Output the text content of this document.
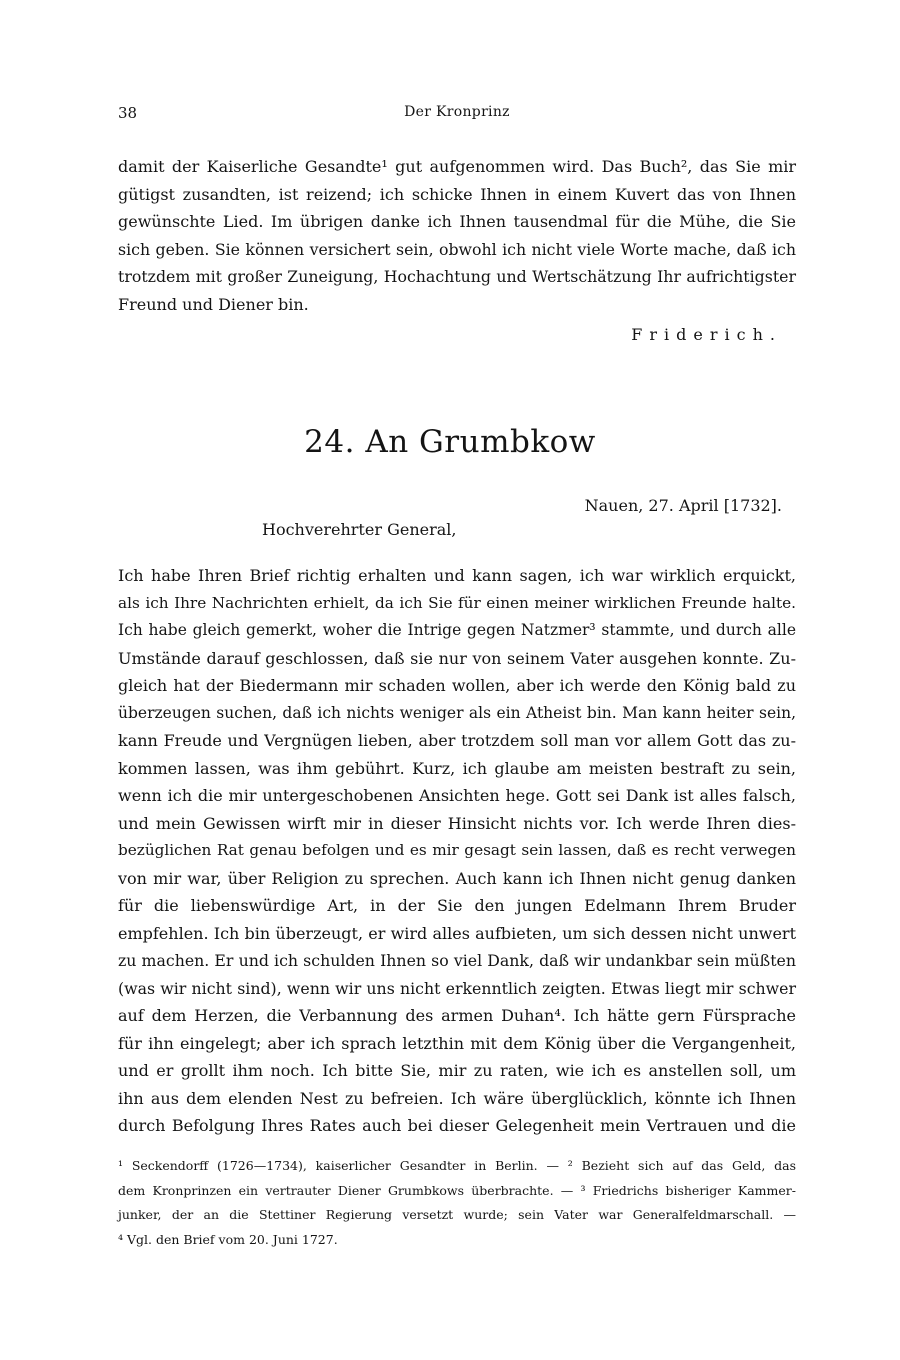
38	Der Kronprinz
damit der Kaiserliche Gesandte¹ gut aufgenommen wird. Das Buch², das Sie mir
gütigst zusandten, ist reizend; ich schicke Ihnen in einem Kuvert das von Ihnen
gewünschte Lied. Im übrigen danke ich Ihnen tausendmal für die Mühe, die Sie
sich geben. Sie können versichert sein, obwohl ich nicht viele Worte mache, daß ich
trotzdem mit großer Zuneigung, Hochachtung und Wertschätzung Ihr aufrichtigster
Freund und Diener bin.
Friderich.
24. An Grumbkow
Nauen, 27. April [1732].
Hochverehrter General,
Ich habe Ihren Brief richtig erhalten und kann sagen, ich war wirklich erquickt,
als ich Ihre Nachrichten erhielt, da ich Sie für einen meiner wirklichen Freunde halte.
Ich habe gleich gemerkt, woher die Intrige gegen Natzmer³ stammte, und durch alle
Umstände darauf geschlossen, daß sie nur von seinem Vater ausgehen konnte. Zu-
gleich hat der Biedermann mir schaden wollen, aber ich werde den König bald zu
überzeugen suchen, daß ich nichts weniger als ein Atheist bin. Man kann heiter sein,
kann Freude und Vergnügen lieben, aber trotzdem soll man vor allem Gott das zu-
kommen lassen, was ihm gebührt. Kurz, ich glaube am meisten bestraft zu sein,
wenn ich die mir untergeschobenen Ansichten hege. Gott sei Dank ist alles falsch,
und mein Gewissen wirft mir in dieser Hinsicht nichts vor. Ich werde Ihren dies-
bezüglichen Rat genau befolgen und es mir gesagt sein lassen, daß es recht verwegen
von mir war, über Religion zu sprechen. Auch kann ich Ihnen nicht genug danken
für die liebenswürdige Art, in der Sie den jungen Edelmann Ihrem Bruder
empfehlen. Ich bin überzeugt, er wird alles aufbieten, um sich dessen nicht unwert
zu machen. Er und ich schulden Ihnen so viel Dank, daß wir undankbar sein müßten
(was wir nicht sind), wenn wir uns nicht erkenntlich zeigten. Etwas liegt mir schwer
auf dem Herzen, die Verbannung des armen Duhan⁴. Ich hätte gern Fürsprache
für ihn eingelegt; aber ich sprach letzthin mit dem König über die Vergangenheit,
und er grollt ihm noch. Ich bitte Sie, mir zu raten, wie ich es anstellen soll, um
ihn aus dem elenden Nest zu befreien. Ich wäre überglücklich, könnte ich Ihnen
durch Befolgung Ihres Rates auch bei dieser Gelegenheit mein Vertrauen und die
¹ Seckendorff (1726—1734), kaiserlicher Gesandter in Berlin. — ² Bezieht sich auf das Geld, das
dem Kronprinzen ein vertrauter Diener Grumbkows überbrachte. — ³ Friedrichs bisheriger Kammer-
junker, der an die Stettiner Regierung versetzt wurde; sein Vater war Generalfeldmarschall. —
⁴ Vgl. den Brief vom 20. Juni 1727.
